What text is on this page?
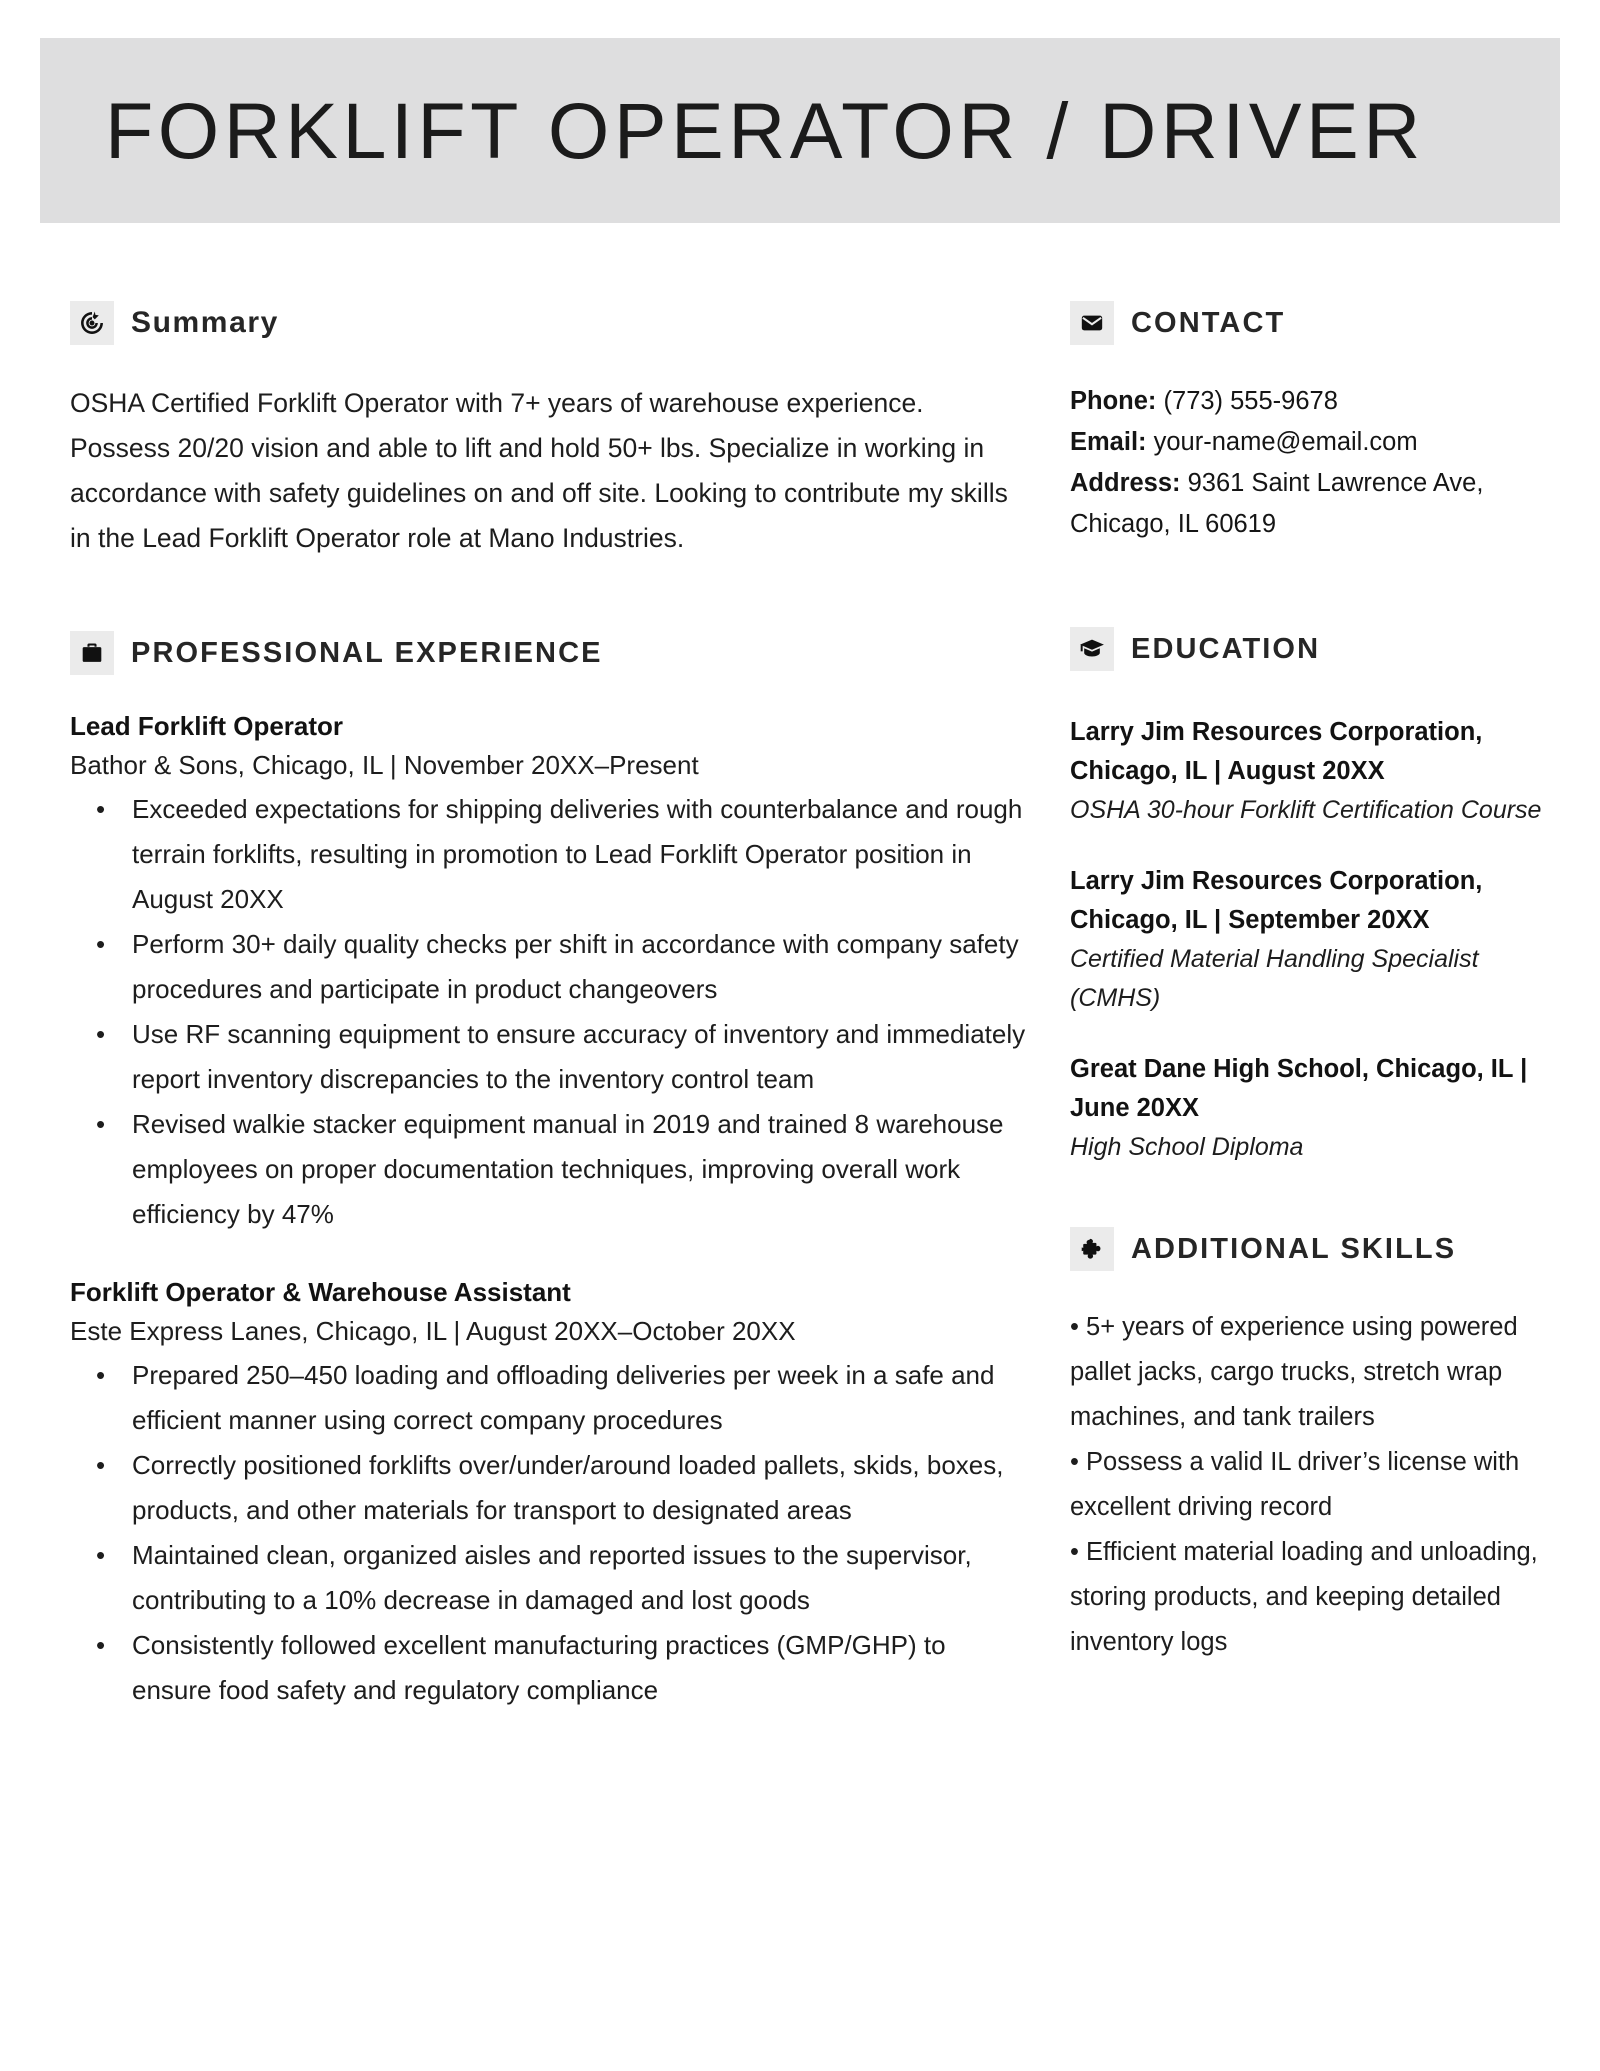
FORKLIFT OPERATOR / DRIVER
Summary

OSHA Certified Forklift Operator with 7+ years of warehouse experience. Possess 20/20 vision and able to lift and hold 50+ lbs. Specialize in working in accordance with safety guidelines on and off site. Looking to contribute my skills in the Lead Forklift Operator role at Mano Industries.

PROFESSIONAL EXPERIENCE
Lead Forklift Operator
Bathor & Sons, Chicago, IL | November 20XX–Present
• Exceeded expectations for shipping deliveries with counterbalance and rough terrain forklifts, resulting in promotion to Lead Forklift Operator position in August 20XX
• Perform 30+ daily quality checks per shift in accordance with company safety procedures and participate in product changeovers
• Use RF scanning equipment to ensure accuracy of inventory and immediately report inventory discrepancies to the inventory control team
• Revised walkie stacker equipment manual in 2019 and trained 8 warehouse employees on proper documentation techniques, improving overall work efficiency by 47%
Forklift Operator & Warehouse Assistant
Este Express Lanes, Chicago, IL | August 20XX–October 20XX
• Prepared 250–450 loading and offloading deliveries per week in a safe and efficient manner using correct company procedures
• Correctly positioned forklifts over/under/around loaded pallets, skids, boxes, products, and other materials for transport to designated areas
• Maintained clean, organized aisles and reported issues to the supervisor, contributing to a 10% decrease in damaged and lost goods
• Consistently followed excellent manufacturing practices (GMP/GHP) to ensure food safety and regulatory compliance
CONTACT
Phone: (773) 555-9678
Email: your-name@email.com
Address: 9361 Saint Lawrence Ave, Chicago, IL 60619
EDUCATION
Larry Jim Resources Corporation, Chicago, IL | August 20XX
OSHA 30-hour Forklift Certification Course
Larry Jim Resources Corporation, Chicago, IL | September 20XX
Certified Material Handling Specialist (CMHS)
Great Dane High School, Chicago, IL | June 20XX
High School Diploma
ADDITIONAL SKILLS
• 5+ years of experience using powered pallet jacks, cargo trucks, stretch wrap machines, and tank trailers
• Possess a valid IL driver’s license with excellent driving record
• Efficient material loading and unloading, storing products, and keeping detailed inventory logs
